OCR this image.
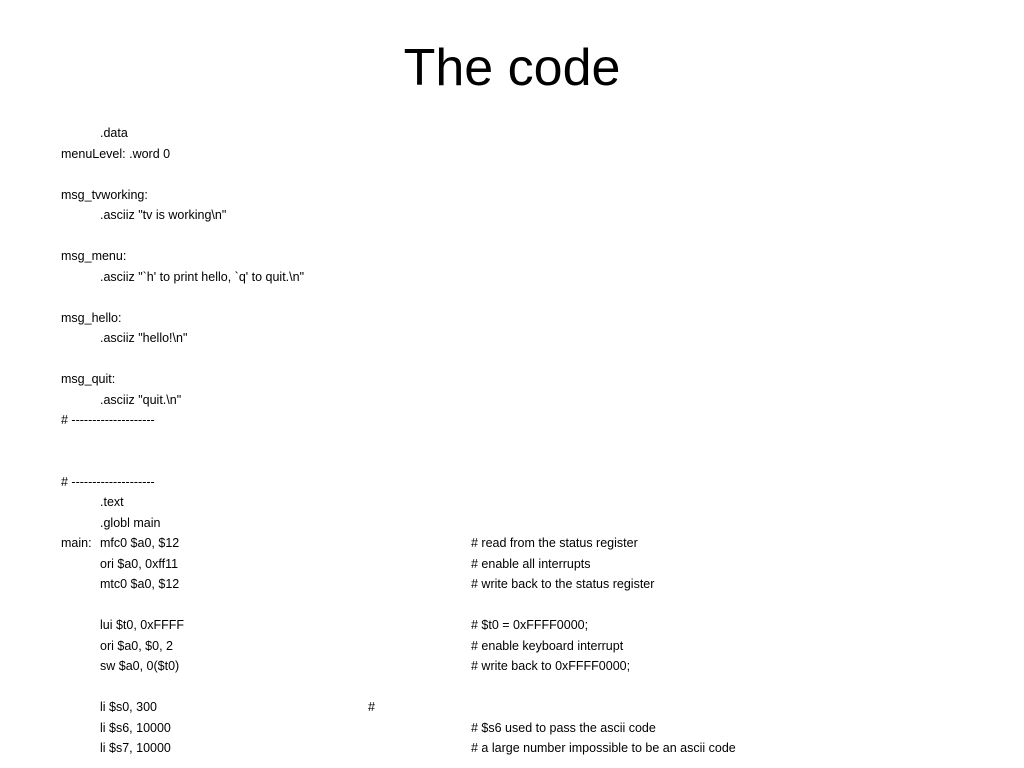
The code
.data
menuLevel: .word 0
msg_tvworking:
.asciiz "tv is working\n"
msg_menu:
.asciiz "`h' to print hello, `q' to quit.\n"
msg_hello:
.asciiz "hello!\n"
msg_quit:
.asciiz "quit.\n"
# --------------------
# --------------------
.text
.globl main
main: mfc0 $a0, $12	# read from the status register
ori $a0, 0xff11	# enable all interrupts
mtc0 $a0, $12	# write back to the status register
lui $t0, 0xFFFF	# $t0 = 0xFFFF0000;
ori $a0, $0, 2	# enable keyboard interrupt
sw $a0, 0($t0)	# write back to 0xFFFF0000;
li $s0, 300	#
li $s6, 10000	# $s6 used to pass the ascii code
li $s7, 10000	# a large number impossible to be an ascii code
